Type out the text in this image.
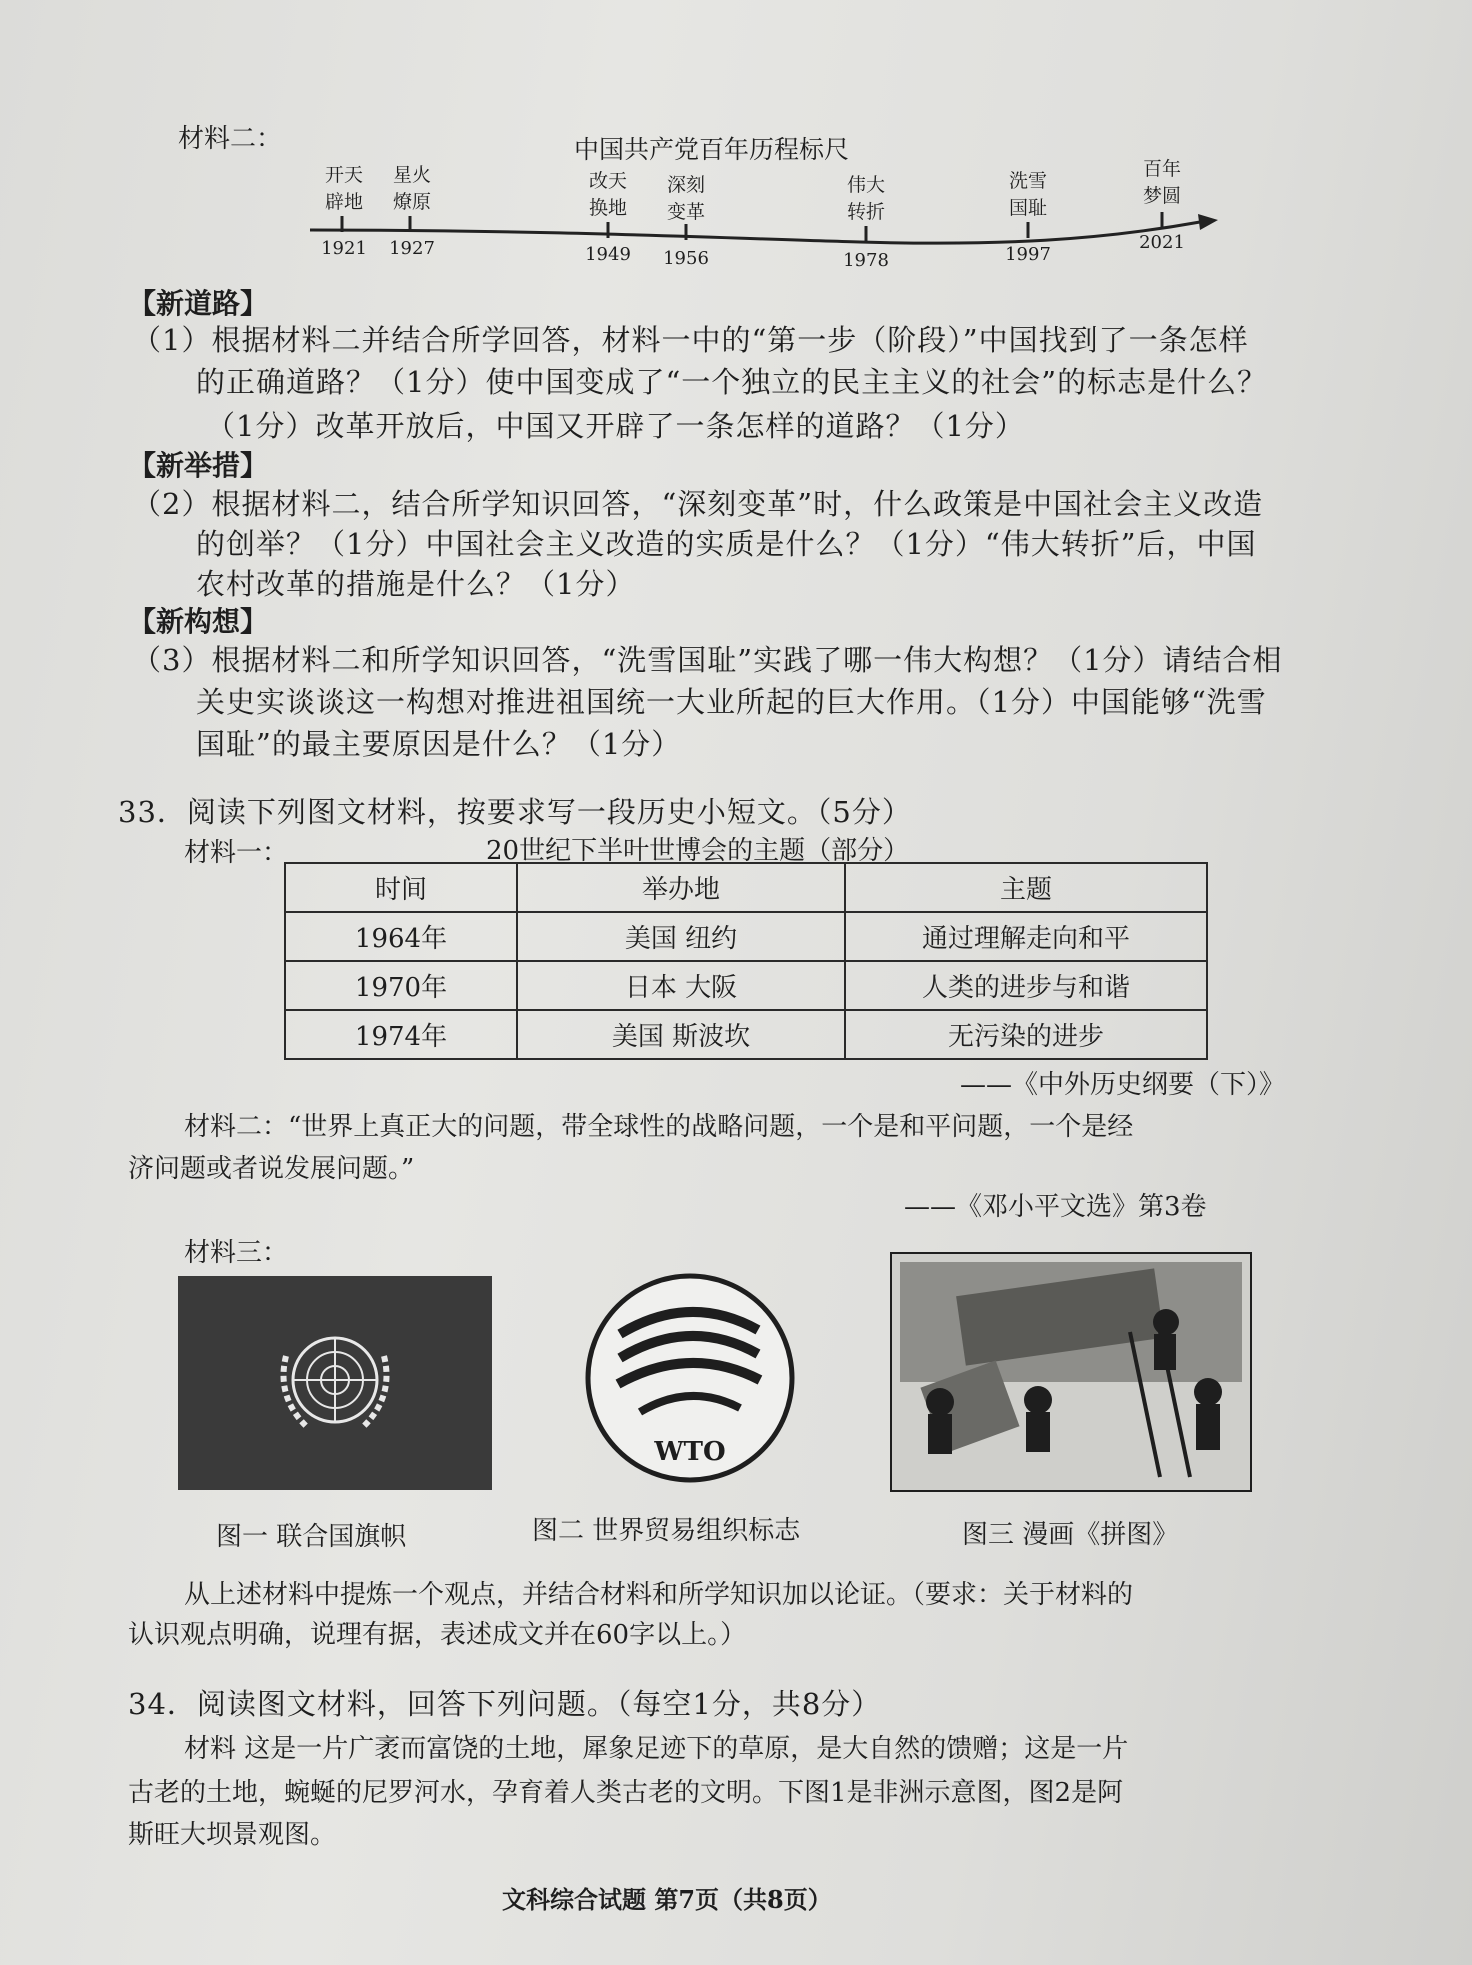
材料二：	中国共产党百年历程标尺
开天
辟地
1921
星火
燎原
1927
改天
换地
1949
深刻
变革
1956
伟大
转折
1978
洗雪
国耻
1997
百年
梦圆
2021
【新道路】
（1）根据材料二并结合所学回答，材料一中的“第一步（阶段）”中国找到了一条怎样
的正确道路？（1分）使中国变成了“一个独立的民主主义的社会”的标志是什么？
（1分）改革开放后，中国又开辟了一条怎样的道路？（1分）
【新举措】
（2）根据材料二，结合所学知识回答，“深刻变革”时，什么政策是中国社会主义改造
的创举？（1分）中国社会主义改造的实质是什么？（1分）“伟大转折”后，中国
农村改革的措施是什么？（1分）
【新构想】
（3）根据材料二和所学知识回答，“洗雪国耻”实践了哪一伟大构想？（1分）请结合相
关史实谈谈这一构想对推进祖国统一大业所起的巨大作用。（1分）中国能够“洗雪
国耻”的最主要原因是什么？（1分）
33．阅读下列图文材料，按要求写一段历史小短文。（5分）
材料一：	20世纪下半叶世博会的主题（部分）
时间	举办地	主题
1964年	美国 纽约	通过理解走向和平
1970年	日本 大阪	人类的进步与和谐
1974年	美国 斯波坎	无污染的进步
——《中外历史纲要（下）》
材料二：“世界上真正大的问题，带全球性的战略问题，一个是和平问题，一个是经
济问题或者说发展问题。”
——《邓小平文选》第3卷
材料三：
图一 联合国旗帜
WTO
图二 世界贸易组织标志	图三 漫画《拼图》
从上述材料中提炼一个观点，并结合材料和所学知识加以论证。（要求：关于材料的
认识观点明确，说理有据，表述成文并在60字以上。）
34．阅读图文材料，回答下列问题。（每空1分，共8分）
材料 这是一片广袤而富饶的土地，犀象足迹下的草原，是大自然的馈赠；这是一片
古老的土地，蜿蜒的尼罗河水，孕育着人类古老的文明。下图1是非洲示意图，图2是阿
斯旺大坝景观图。
文科综合试题 第7页（共8页）
